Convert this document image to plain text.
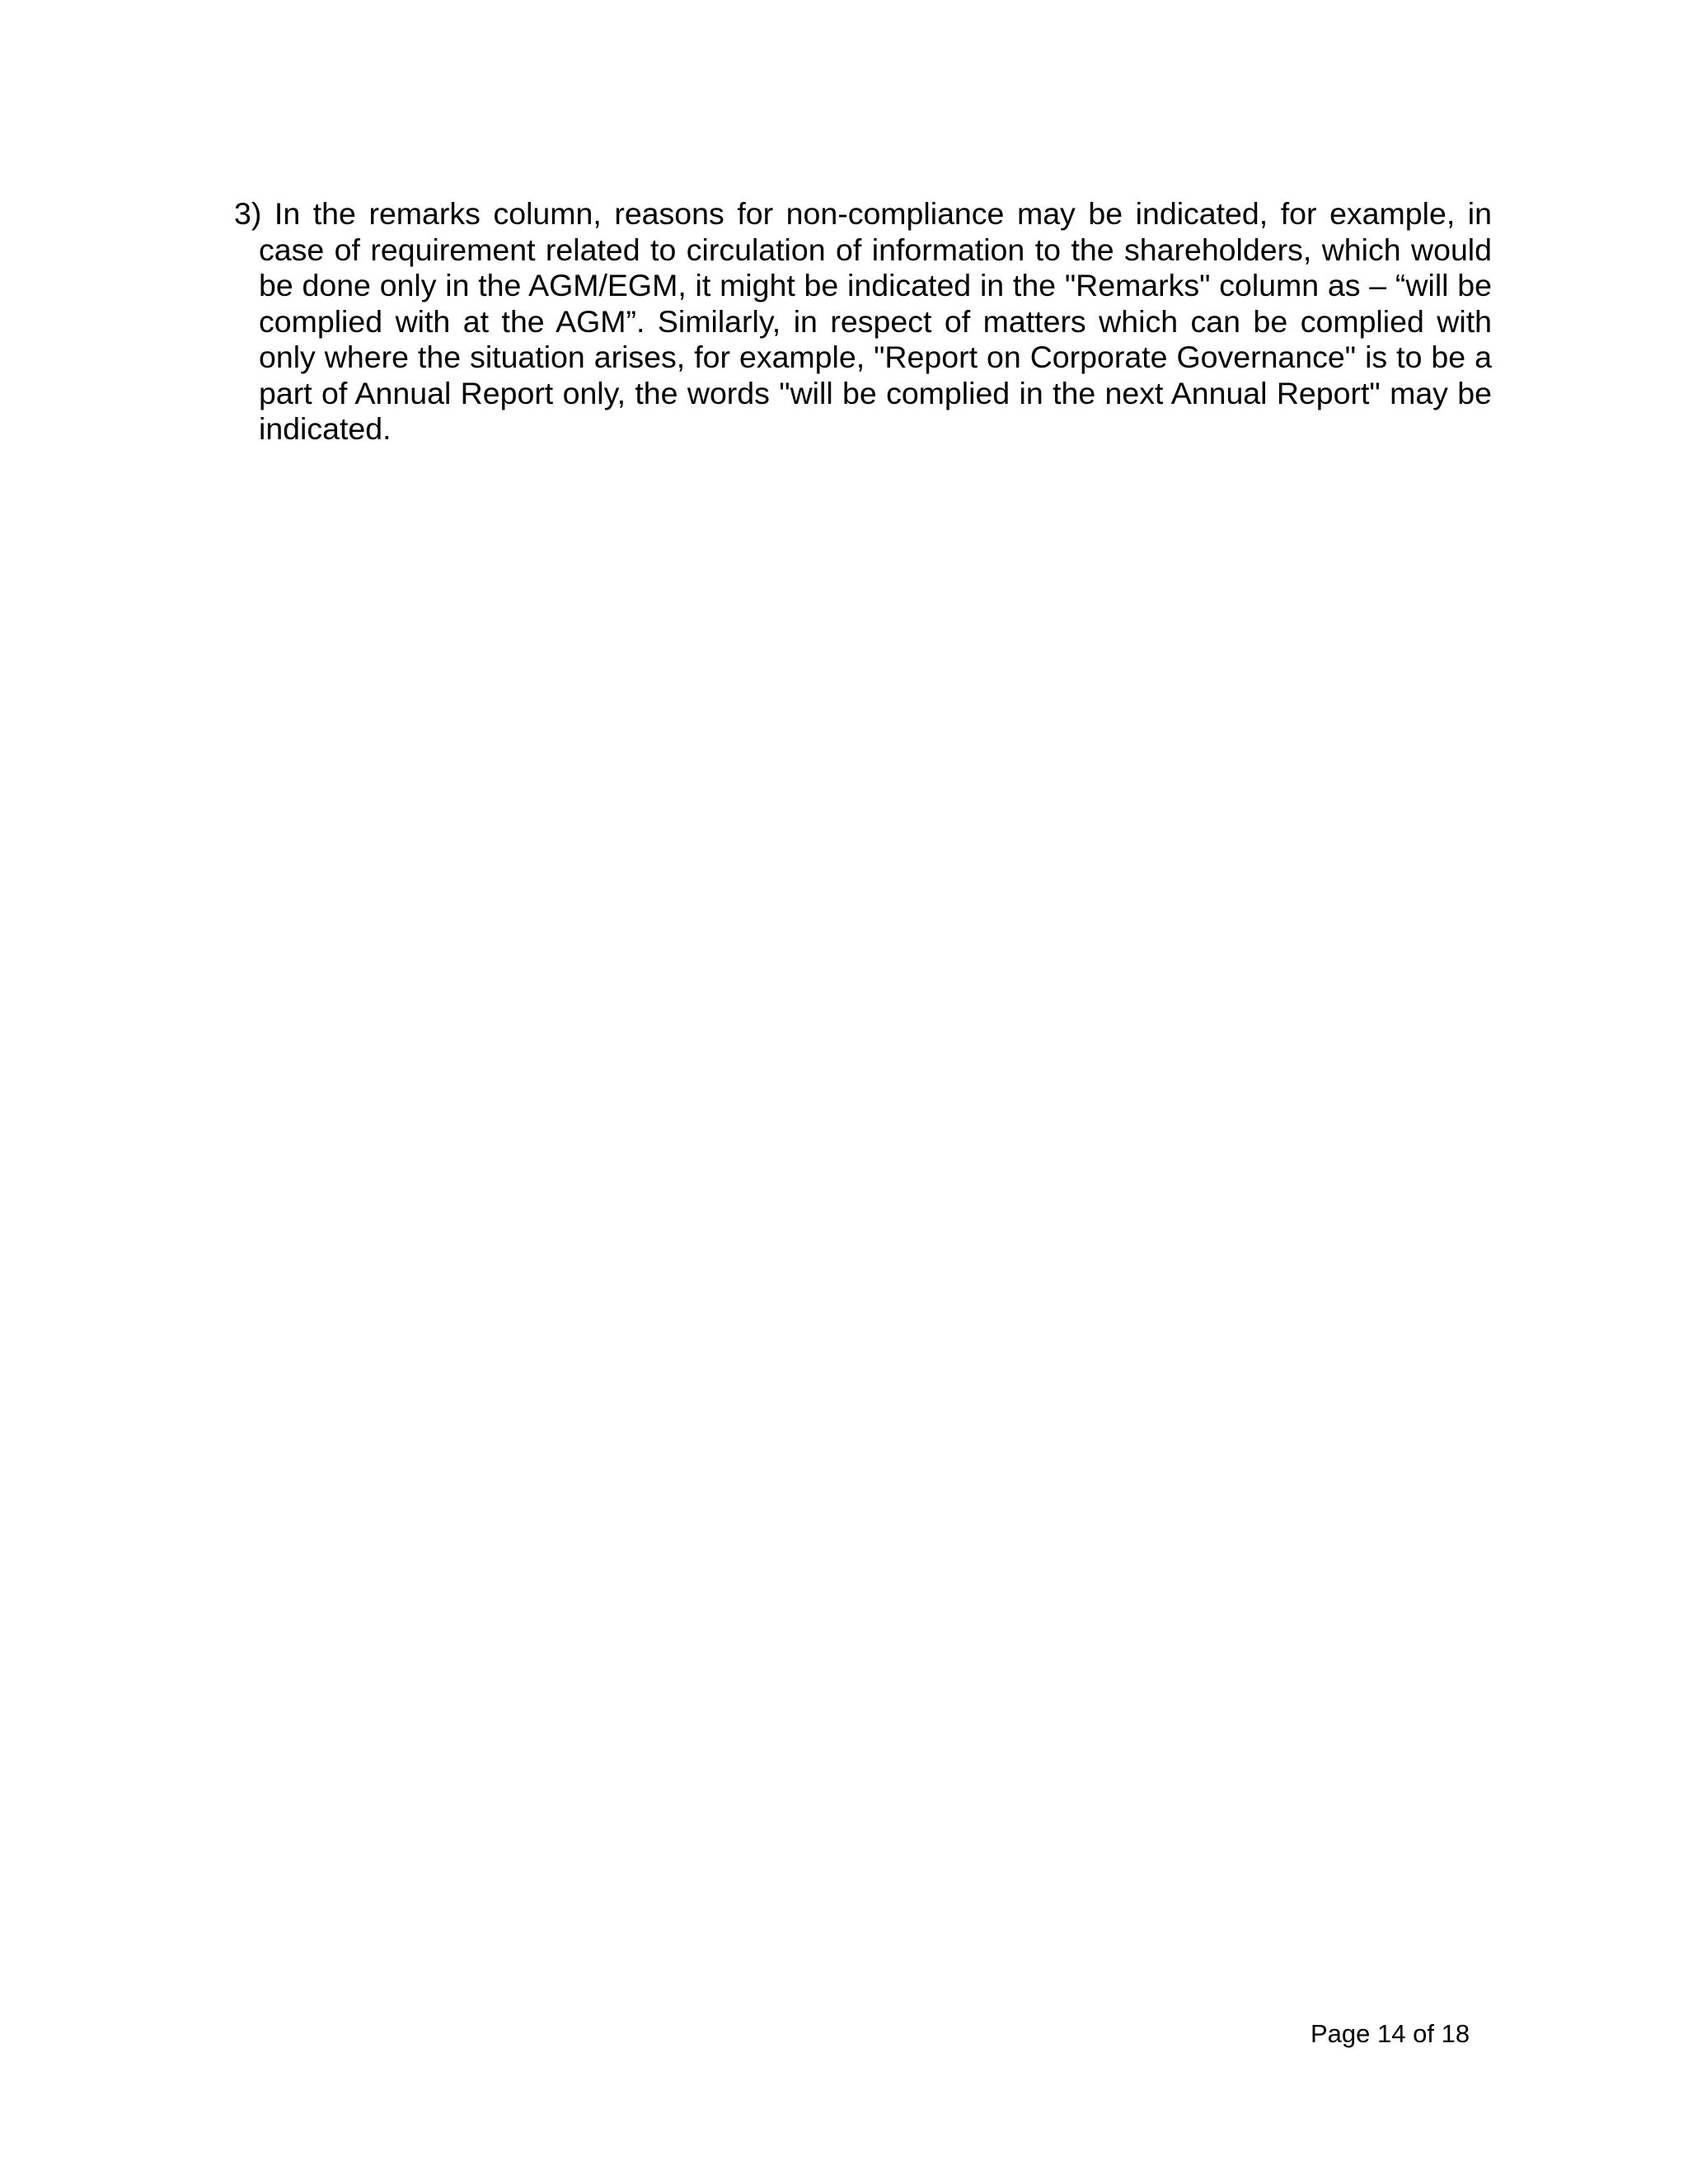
3) In the remarks column, reasons for non-compliance may be indicated, for example, in case of requirement related to circulation of information to the shareholders, which would be done only in the AGM/EGM, it might be indicated in the "Remarks" column as – “will be complied with at the AGM”. Similarly, in respect of matters which can be complied with only where the situation arises, for example, "Report on Corporate Governance" is to be a part of Annual Report only, the words "will be complied in the next Annual Report" may be indicated.

Page 14 of 18
